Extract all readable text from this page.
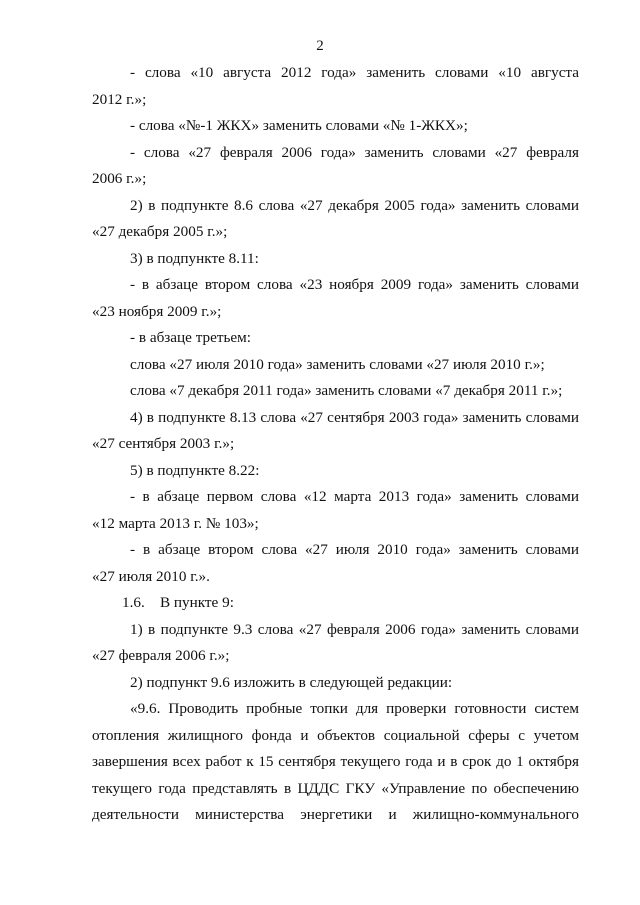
2
- слова «10 августа 2012 года» заменить словами «10 августа
2012 г.»;
- слова «№-1 ЖКХ» заменить словами «№ 1-ЖКХ»;
- слова «27 февраля 2006 года» заменить словами «27 февраля
2006 г.»;
2) в подпункте 8.6 слова «27 декабря 2005 года» заменить словами
«27 декабря 2005 г.»;
3) в подпункте 8.11:
- в абзаце втором слова «23 ноября 2009 года» заменить словами
«23 ноября 2009 г.»;
- в абзаце третьем:
слова «27 июля 2010 года» заменить словами «27 июля 2010 г.»;
слова «7 декабря 2011 года» заменить словами «7 декабря 2011 г.»;
4) в подпункте 8.13 слова «27 сентября 2003 года» заменить словами
«27 сентября 2003 г.»;
5) в подпункте 8.22:
- в абзаце первом слова «12 марта 2013 года» заменить словами
«12 марта 2013 г. № 103»;
- в абзаце втором слова «27 июля 2010 года» заменить словами
«27 июля 2010 г.».
1.6.    В пункте 9:
1) в подпункте 9.3 слова «27 февраля 2006 года» заменить словами
«27 февраля 2006 г.»;
2) подпункт 9.6 изложить в следующей редакции:
«9.6. Проводить пробные топки для проверки готовности систем
отопления жилищного фонда и объектов социальной сферы с учетом
завершения всех работ к 15 сентября текущего года и в срок до 1 октября
текущего года представлять в ЦДДС ГКУ «Управление по обеспечению
деятельности министерства энергетики и жилищно-коммунального
